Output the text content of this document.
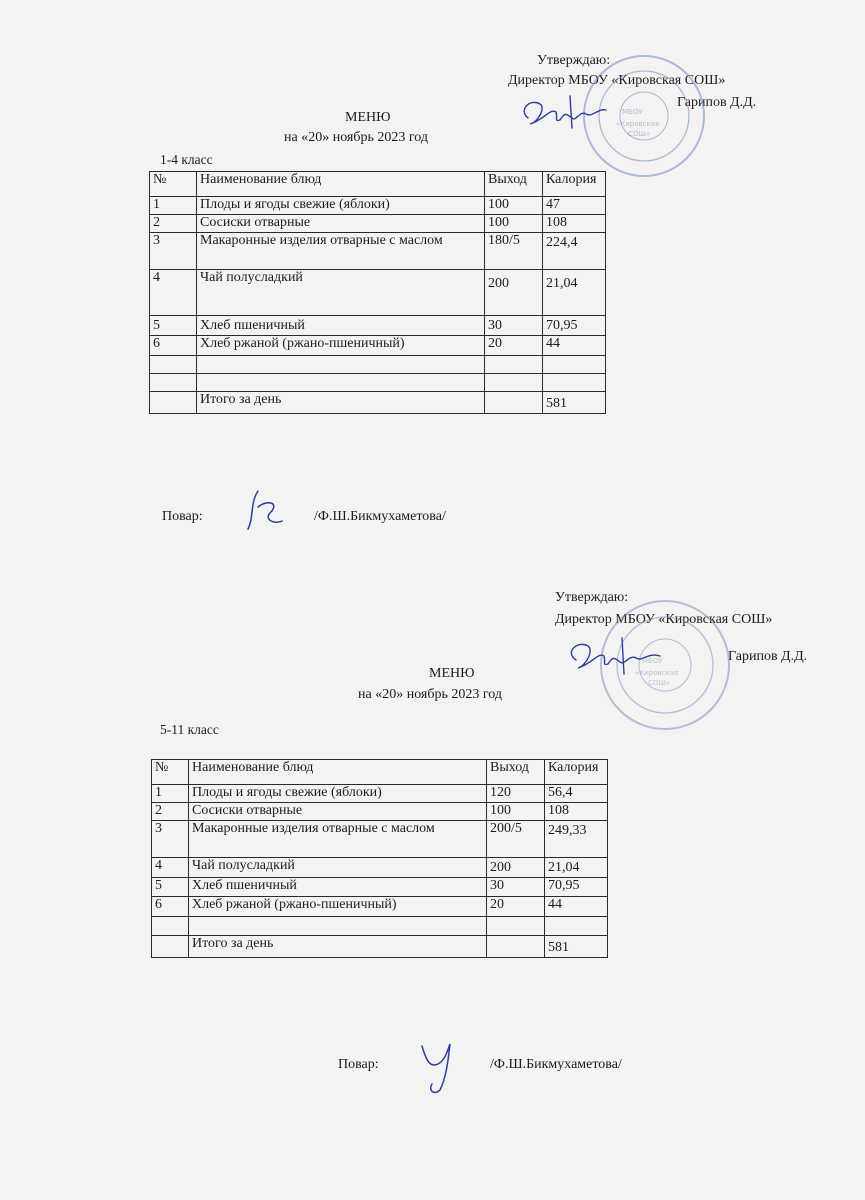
Утверждаю:
Директор МБОУ «Кировская СОШ»
Гарипов Д.Д.
МБОУ
«Кировская
СОШ»
МЕНЮ
на «20» ноябрь 2023 год
1-4 класс
№	Наименование блюд	Выход	Калория
1	Плоды и ягоды свежие (яблоки)	100	47
2	Сосиски отварные	100	108
3	Макаронные изделия отварные с маслом	180/5	224,4
4	Чай полусладкий	200	21,04
5	Хлеб пшеничный	30	70,95
6	Хлеб ржаной (ржано-пшеничный)	20	44

	Итого за день		581
Повар:	/Ф.Ш.Бикмухаметова/
Утверждаю:
Директор МБОУ «Кировская СОШ»
Гарипов Д.Д.
МБОУ
«Кировская
СОШ»
МЕНЮ
на «20» ноябрь 2023 год
5-11 класс
№	Наименование блюд	Выход	Калория
1	Плоды и ягоды свежие (яблоки)	120	56,4
2	Сосиски отварные	100	108
3	Макаронные изделия отварные с маслом	200/5	249,33
4	Чай полусладкий	200	21,04
5	Хлеб пшеничный	30	70,95
6	Хлеб ржаной (ржано-пшеничный)	20	44

	Итого за день		581
Повар:	/Ф.Ш.Бикмухаметова/
